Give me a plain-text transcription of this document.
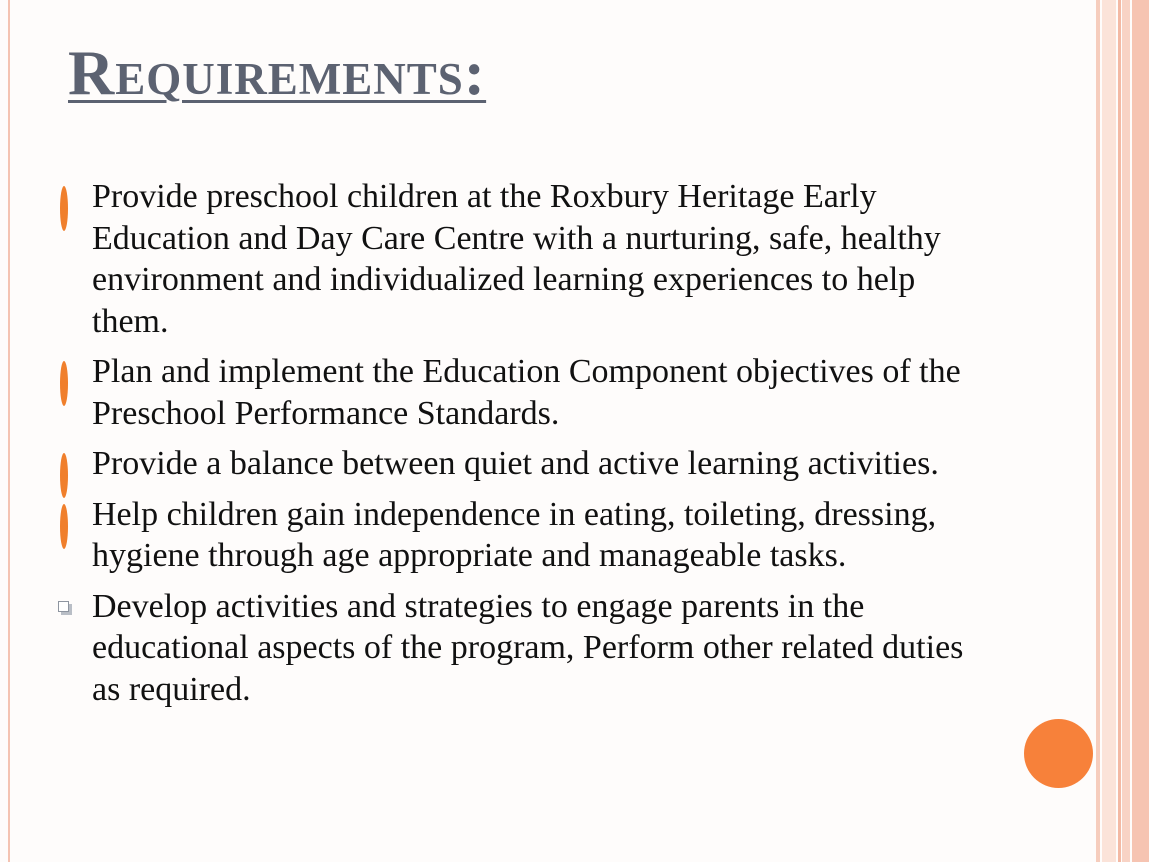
Requirements:
Provide preschool children at the Roxbury Heritage Early Education and Day Care Centre with a nurturing, safe, healthy environment and individualized learning experiences to help them.
Plan and implement the Education Component objectives of the Preschool Performance Standards.
Provide a balance between quiet and active learning activities.
Help children gain independence in eating, toileting, dressing, hygiene through age appropriate and manageable tasks.
Develop activities and strategies to engage parents in the educational aspects of the program, Perform other related duties as required.
